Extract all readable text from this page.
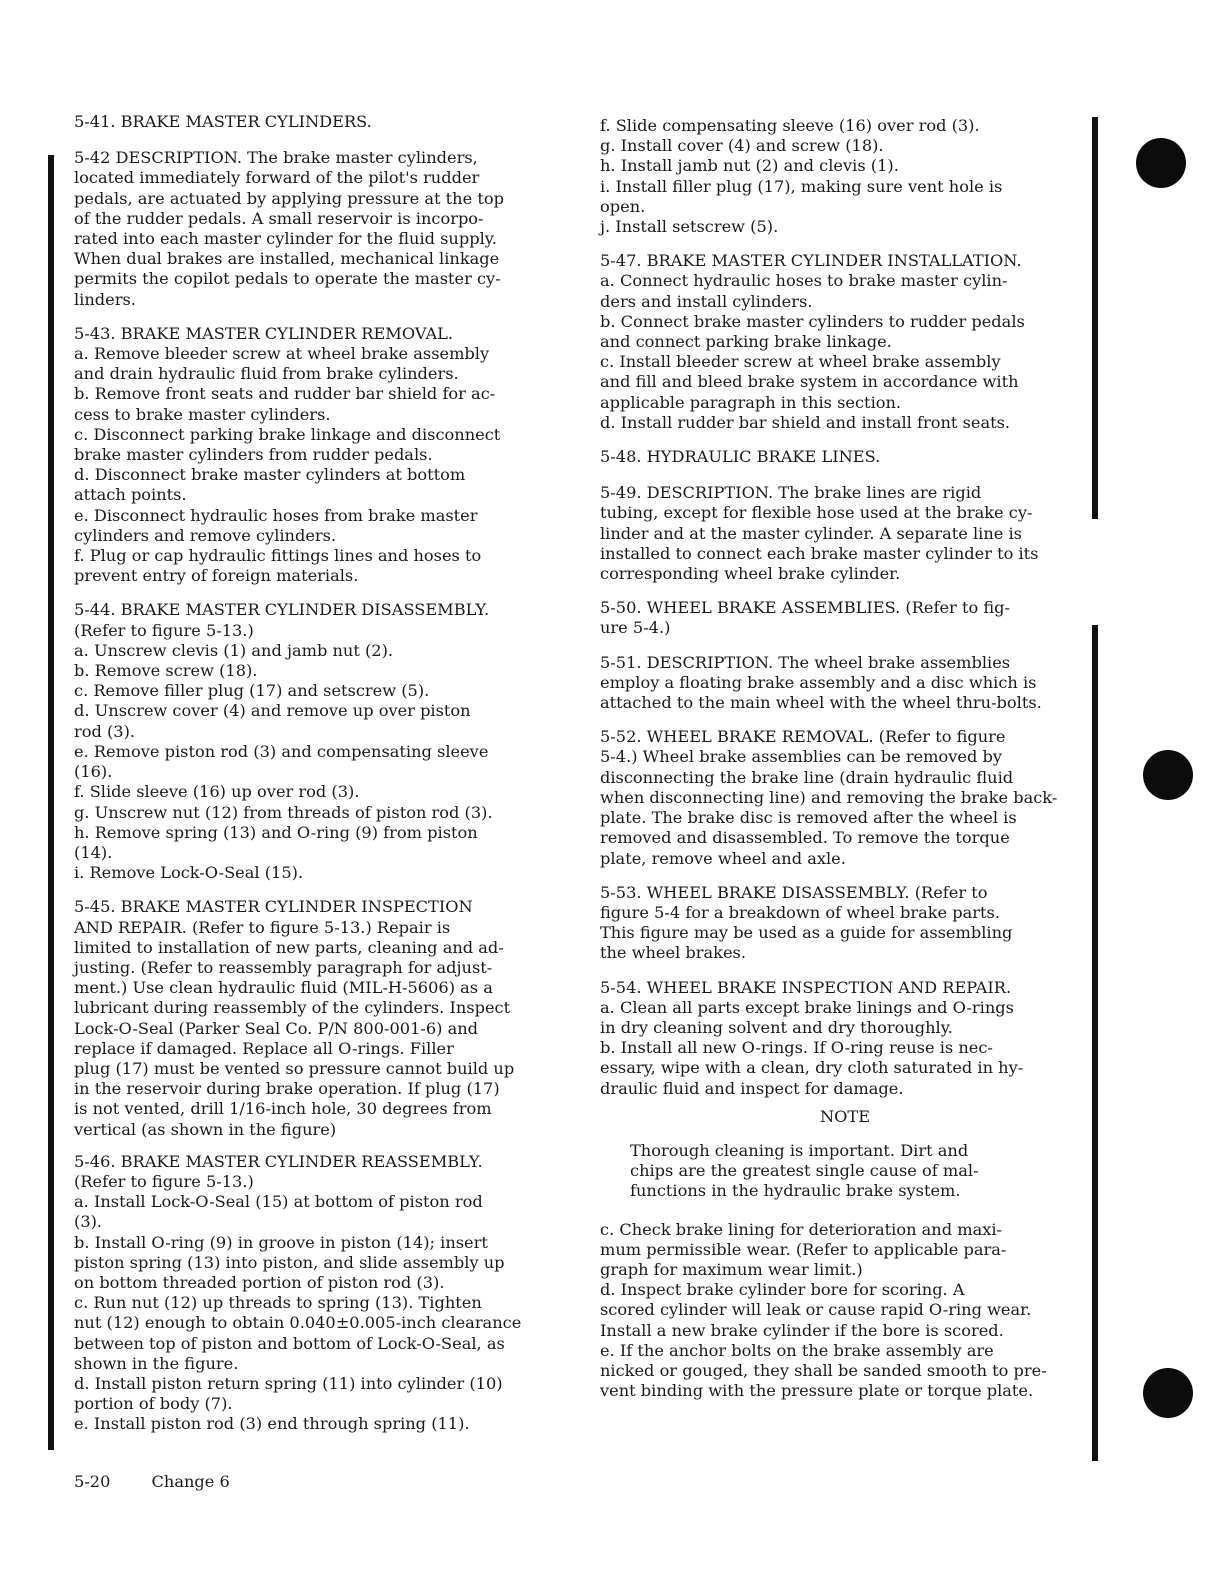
5-41. BRAKE MASTER CYLINDERS.
5-42 DESCRIPTION. The brake master cylinders,
located immediately forward of the pilot's rudder
pedals, are actuated by applying pressure at the top
of the rudder pedals. A small reservoir is incorpo-
rated into each master cylinder for the fluid supply.
When dual brakes are installed, mechanical linkage
permits the copilot pedals to operate the master cy-
linders.
5-43. BRAKE MASTER CYLINDER REMOVAL.
a. Remove bleeder screw at wheel brake assembly
and drain hydraulic fluid from brake cylinders.
b. Remove front seats and rudder bar shield for ac-
cess to brake master cylinders.
c. Disconnect parking brake linkage and disconnect
brake master cylinders from rudder pedals.
d. Disconnect brake master cylinders at bottom
attach points.
e. Disconnect hydraulic hoses from brake master
cylinders and remove cylinders.
f. Plug or cap hydraulic fittings lines and hoses to
prevent entry of foreign materials.
5-44. BRAKE MASTER CYLINDER DISASSEMBLY.
(Refer to figure 5-13.)
a. Unscrew clevis (1) and jamb nut (2).
b. Remove screw (18).
c. Remove filler plug (17) and setscrew (5).
d. Unscrew cover (4) and remove up over piston
rod (3).
e. Remove piston rod (3) and compensating sleeve
(16).
f. Slide sleeve (16) up over rod (3).
g. Unscrew nut (12) from threads of piston rod (3).
h. Remove spring (13) and O-ring (9) from piston
(14).
i. Remove Lock-O-Seal (15).
5-45. BRAKE MASTER CYLINDER INSPECTION
AND REPAIR. (Refer to figure 5-13.) Repair is
limited to installation of new parts, cleaning and ad-
justing. (Refer to reassembly paragraph for adjust-
ment.) Use clean hydraulic fluid (MIL-H-5606) as a
lubricant during reassembly of the cylinders. Inspect
Lock-O-Seal (Parker Seal Co. P/N 800-001-6) and
replace if damaged. Replace all O-rings. Filler
plug (17) must be vented so pressure cannot build up
in the reservoir during brake operation. If plug (17)
is not vented, drill 1/16-inch hole, 30 degrees from
vertical (as shown in the figure)
5-46. BRAKE MASTER CYLINDER REASSEMBLY.
(Refer to figure 5-13.)
a. Install Lock-O-Seal (15) at bottom of piston rod
(3).
b. Install O-ring (9) in groove in piston (14); insert
piston spring (13) into piston, and slide assembly up
on bottom threaded portion of piston rod (3).
c. Run nut (12) up threads to spring (13). Tighten
nut (12) enough to obtain 0.040±0.005-inch clearance
between top of piston and bottom of Lock-O-Seal, as
shown in the figure.
d. Install piston return spring (11) into cylinder (10)
portion of body (7).
e. Install piston rod (3) end through spring (11).
f. Slide compensating sleeve (16) over rod (3).
g. Install cover (4) and screw (18).
h. Install jamb nut (2) and clevis (1).
i. Install filler plug (17), making sure vent hole is
open.
j. Install setscrew (5).
5-47. BRAKE MASTER CYLINDER INSTALLATION.
a. Connect hydraulic hoses to brake master cylin-
ders and install cylinders.
b. Connect brake master cylinders to rudder pedals
and connect parking brake linkage.
c. Install bleeder screw at wheel brake assembly
and fill and bleed brake system in accordance with
applicable paragraph in this section.
d. Install rudder bar shield and install front seats.
5-48. HYDRAULIC BRAKE LINES.
5-49. DESCRIPTION. The brake lines are rigid
tubing, except for flexible hose used at the brake cy-
linder and at the master cylinder. A separate line is
installed to connect each brake master cylinder to its
corresponding wheel brake cylinder.
5-50. WHEEL BRAKE ASSEMBLIES. (Refer to fig-
ure 5-4.)
5-51. DESCRIPTION. The wheel brake assemblies
employ a floating brake assembly and a disc which is
attached to the main wheel with the wheel thru-bolts.
5-52. WHEEL BRAKE REMOVAL. (Refer to figure
5-4.) Wheel brake assemblies can be removed by
disconnecting the brake line (drain hydraulic fluid
when disconnecting line) and removing the brake back-
plate. The brake disc is removed after the wheel is
removed and disassembled. To remove the torque
plate, remove wheel and axle.
5-53. WHEEL BRAKE DISASSEMBLY. (Refer to
figure 5-4 for a breakdown of wheel brake parts.
This figure may be used as a guide for assembling
the wheel brakes.
5-54. WHEEL BRAKE INSPECTION AND REPAIR.
a. Clean all parts except brake linings and O-rings
in dry cleaning solvent and dry thoroughly.
b. Install all new O-rings. If O-ring reuse is nec-
essary, wipe with a clean, dry cloth saturated in hy-
draulic fluid and inspect for damage.
NOTE
Thorough cleaning is important. Dirt and
chips are the greatest single cause of mal-
functions in the hydraulic brake system.
c. Check brake lining for deterioration and maxi-
mum permissible wear. (Refer to applicable para-
graph for maximum wear limit.)
d. Inspect brake cylinder bore for scoring. A
scored cylinder will leak or cause rapid O-ring wear.
Install a new brake cylinder if the bore is scored.
e. If the anchor bolts on the brake assembly are
nicked or gouged, they shall be sanded smooth to pre-
vent binding with the pressure plate or torque plate.
5-20	Change 6
